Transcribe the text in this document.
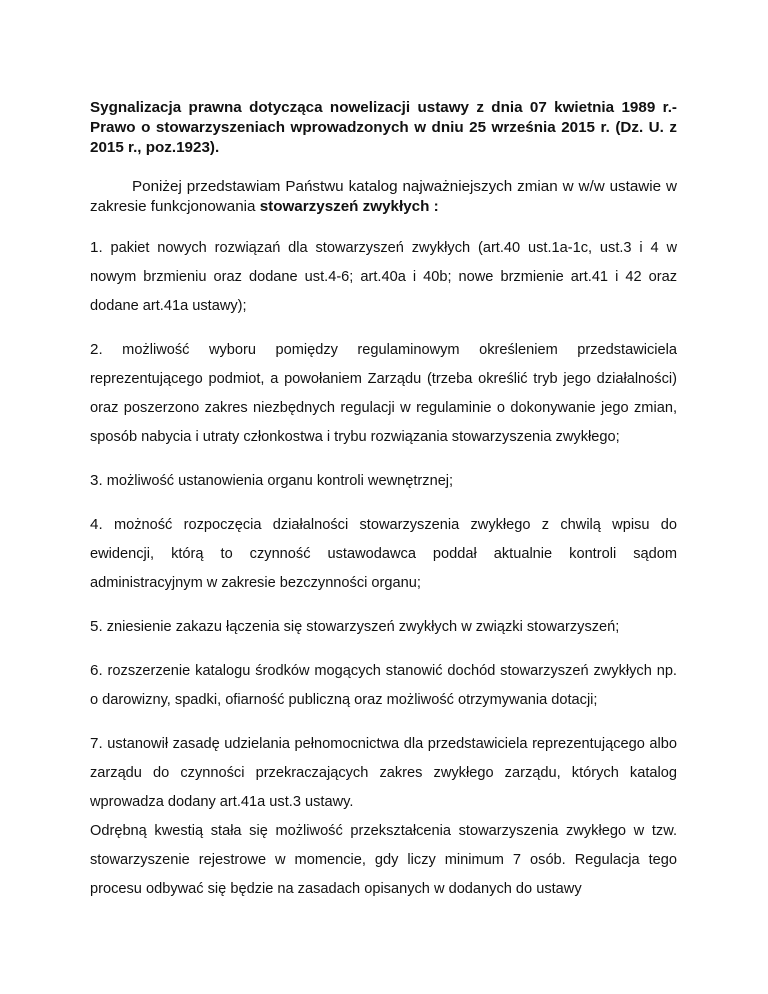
Sygnalizacja prawna dotycząca nowelizacji ustawy z dnia 07 kwietnia 1989 r.- Prawo o stowarzyszeniach wprowadzonych w dniu 25 września 2015 r. (Dz. U. z 2015 r., poz.1923).

Poniżej przedstawiam Państwu katalog najważniejszych zmian w w/w ustawie w zakresie funkcjonowania stowarzyszeń zwykłych :

1. pakiet nowych rozwiązań dla stowarzyszeń zwykłych (art.40 ust.1a-1c, ust.3 i 4 w nowym brzmieniu oraz dodane ust.4-6; art.40a i 40b; nowe brzmienie art.41 i 42 oraz dodane art.41a ustawy);

2. możliwość wyboru pomiędzy regulaminowym określeniem przedstawiciela reprezentującego podmiot, a powołaniem Zarządu (trzeba określić tryb jego działalności) oraz poszerzono zakres niezbędnych regulacji w regulaminie o dokonywanie jego zmian, sposób nabycia i utraty członkostwa i trybu rozwiązania stowarzyszenia zwykłego;

3. możliwość ustanowienia organu kontroli wewnętrznej;

4. możność rozpoczęcia działalności stowarzyszenia zwykłego z chwilą wpisu do ewidencji, którą to czynność ustawodawca poddał aktualnie kontroli sądom administracyjnym w zakresie bezczynności organu;

5. zniesienie zakazu łączenia się stowarzyszeń zwykłych w związki stowarzyszeń;

6. rozszerzenie katalogu środków mogących stanowić dochód stowarzyszeń zwykłych np. o darowizny, spadki, ofiarność publiczną oraz możliwość otrzymywania dotacji;

7. ustanowił zasadę udzielania pełnomocnictwa dla przedstawiciela reprezentującego albo zarządu do czynności przekraczających zakres zwykłego zarządu, których katalog wprowadza dodany art.41a ust.3 ustawy.

Odrębną kwestią stała się możliwość przekształcenia stowarzyszenia zwykłego w tzw. stowarzyszenie rejestrowe w momencie, gdy liczy minimum 7 osób. Regulacja tego procesu odbywać się będzie na zasadach opisanych w dodanych do ustawy
